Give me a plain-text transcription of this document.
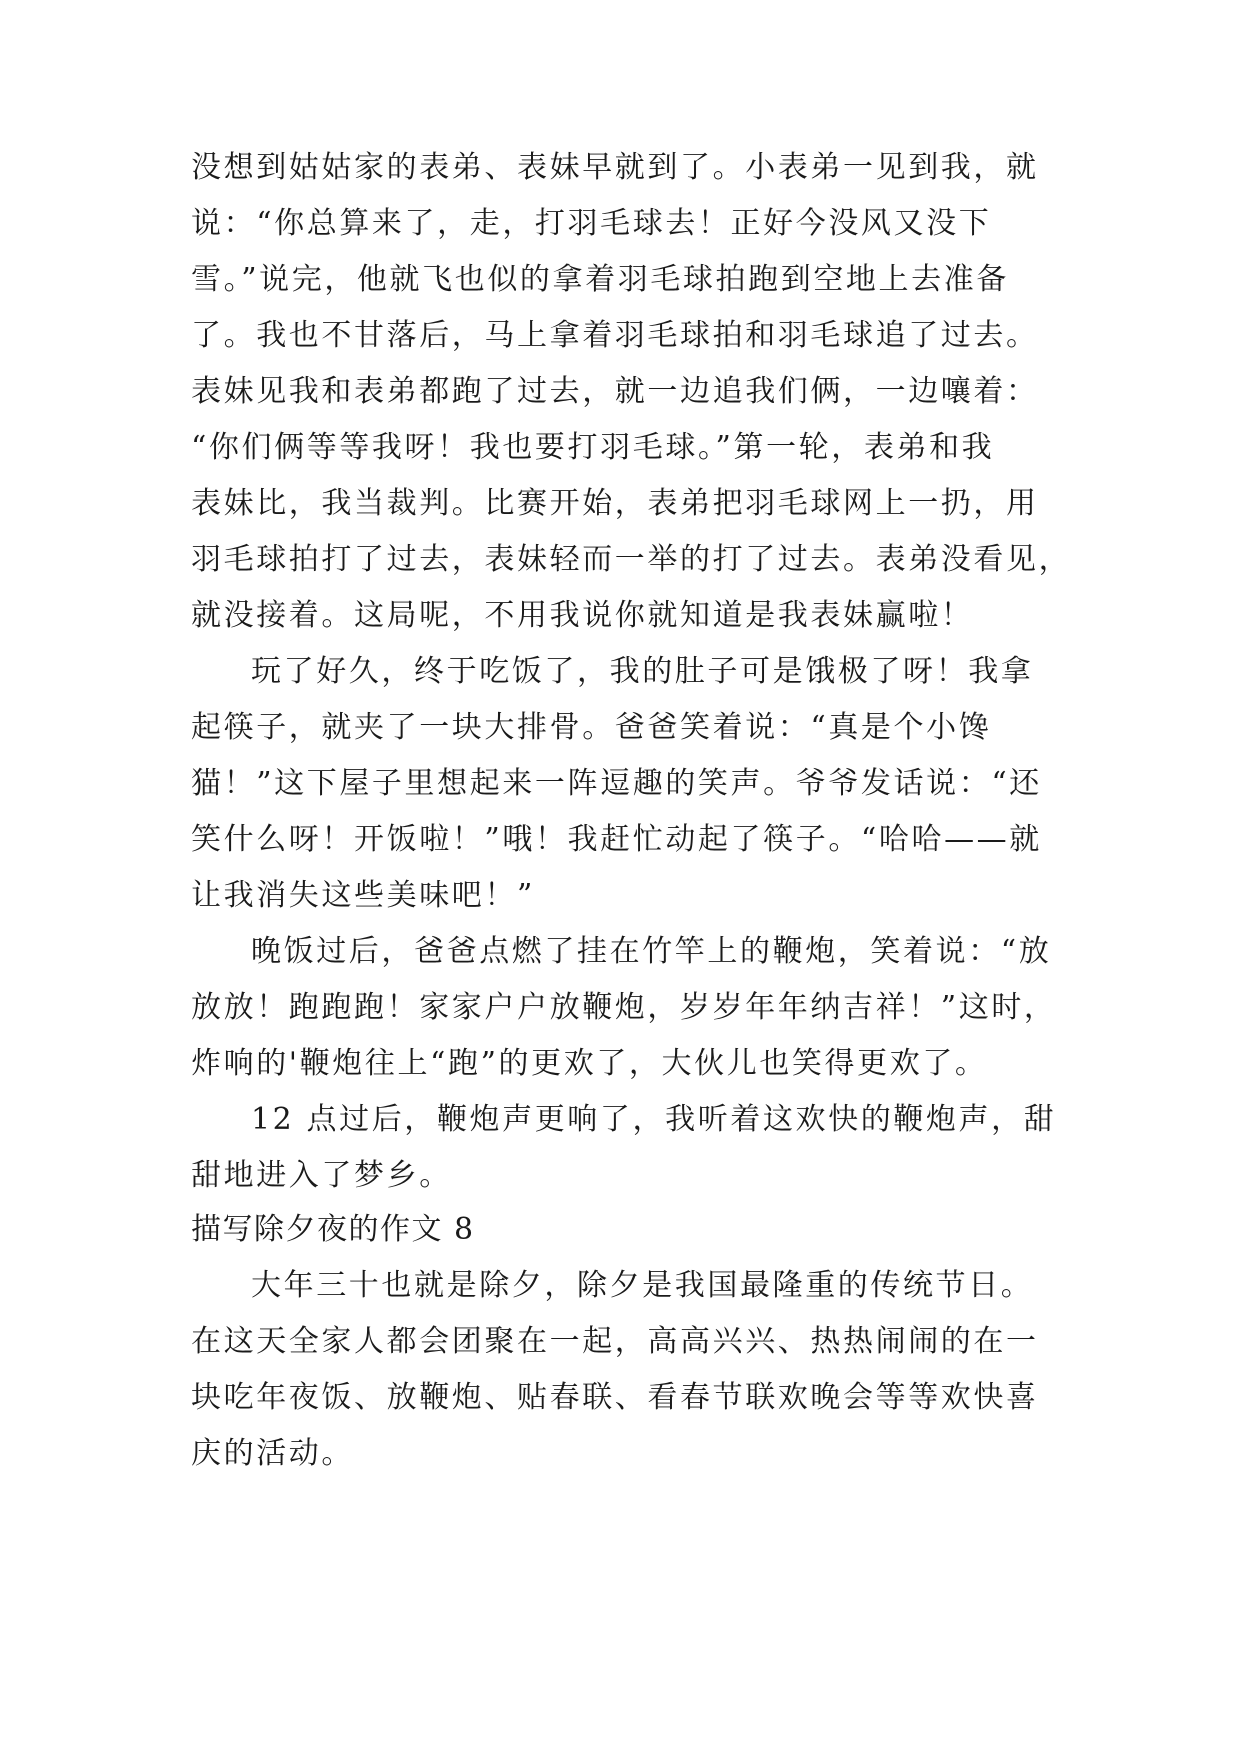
没想到姑姑家的表弟、表妹早就到了。小表弟一见到我，就
说：“你总算来了，走，打羽毛球去！正好今没风又没下
雪。”说完，他就飞也似的拿着羽毛球拍跑到空地上去准备
了。我也不甘落后，马上拿着羽毛球拍和羽毛球追了过去。
表妹见我和表弟都跑了过去，就一边追我们俩，一边嚷着：
“你们俩等等我呀！我也要打羽毛球。”第一轮，表弟和我
表妹比，我当裁判。比赛开始，表弟把羽毛球网上一扔，用
羽毛球拍打了过去，表妹轻而一举的打了过去。表弟没看见，
就没接着。这局呢，不用我说你就知道是我表妹赢啦！
玩了好久，终于吃饭了，我的肚子可是饿极了呀！我拿
起筷子，就夹了一块大排骨。爸爸笑着说：“真是个小馋
猫！”这下屋子里想起来一阵逗趣的笑声。爷爷发话说：“还
笑什么呀！开饭啦！”哦！我赶忙动起了筷子。“哈哈——就
让我消失这些美味吧！”
晚饭过后，爸爸点燃了挂在竹竿上的鞭炮，笑着说：“放
放放！跑跑跑！家家户户放鞭炮，岁岁年年纳吉祥！”这时，
炸响的'鞭炮往上“跑”的更欢了，大伙儿也笑得更欢了。
12 点过后，鞭炮声更响了，我听着这欢快的鞭炮声，甜
甜地进入了梦乡。
描写除夕夜的作文 8
大年三十也就是除夕，除夕是我国最隆重的传统节日。
在这天全家人都会团聚在一起，高高兴兴、热热闹闹的在一
块吃年夜饭、放鞭炮、贴春联、看春节联欢晚会等等欢快喜
庆的活动。
